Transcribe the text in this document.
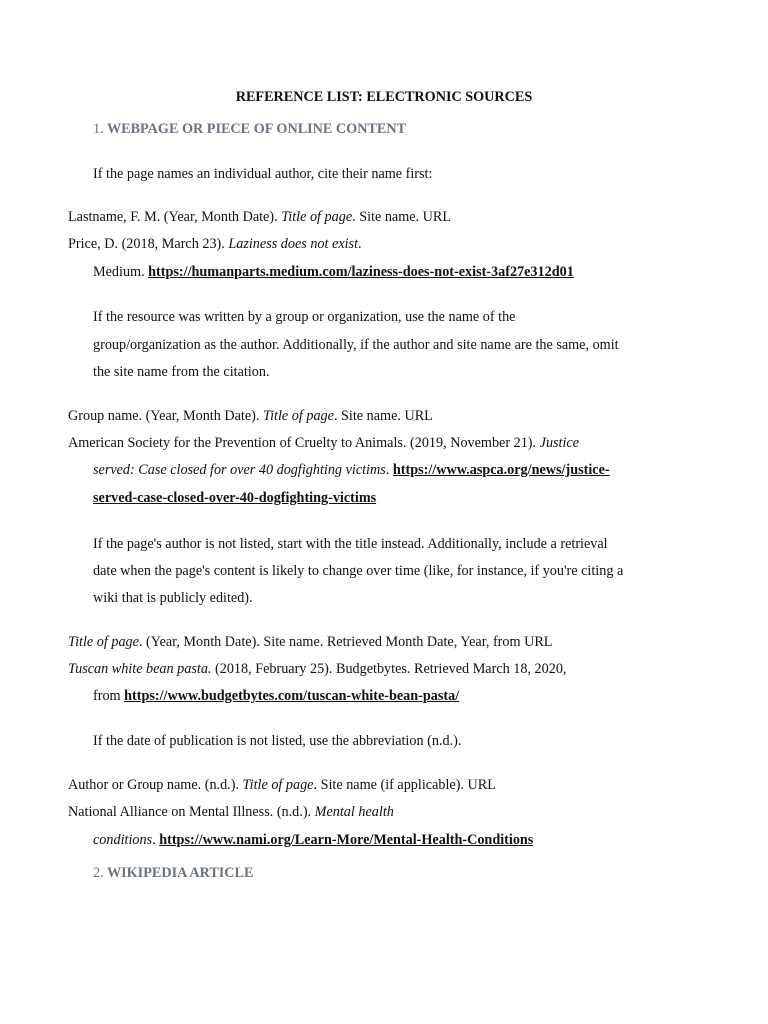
REFERENCE LIST: ELECTRONIC SOURCES
1. WEBPAGE OR PIECE OF ONLINE CONTENT
If the page names an individual author, cite their name first:
Lastname, F. M. (Year, Month Date). Title of page. Site name. URL
Price, D. (2018, March 23). Laziness does not exist.
Medium. https://humanparts.medium.com/laziness-does-not-exist-3af27e312d01
If the resource was written by a group or organization, use the name of the
group/organization as the author. Additionally, if the author and site name are the same, omit
the site name from the citation.
Group name. (Year, Month Date). Title of page. Site name. URL
American Society for the Prevention of Cruelty to Animals. (2019, November 21). Justice
served: Case closed for over 40 dogfighting victims. https://www.aspca.org/news/justice-
served-case-closed-over-40-dogfighting-victims
If the page's author is not listed, start with the title instead. Additionally, include a retrieval
date when the page's content is likely to change over time (like, for instance, if you're citing a
wiki that is publicly edited).
Title of page. (Year, Month Date). Site name. Retrieved Month Date, Year, from URL
Tuscan white bean pasta. (2018, February 25). Budgetbytes. Retrieved March 18, 2020,
from https://www.budgetbytes.com/tuscan-white-bean-pasta/
If the date of publication is not listed, use the abbreviation (n.d.).
Author or Group name. (n.d.). Title of page. Site name (if applicable). URL
National Alliance on Mental Illness. (n.d.). Mental health
conditions. https://www.nami.org/Learn-More/Mental-Health-Conditions
2. WIKIPEDIA ARTICLE
